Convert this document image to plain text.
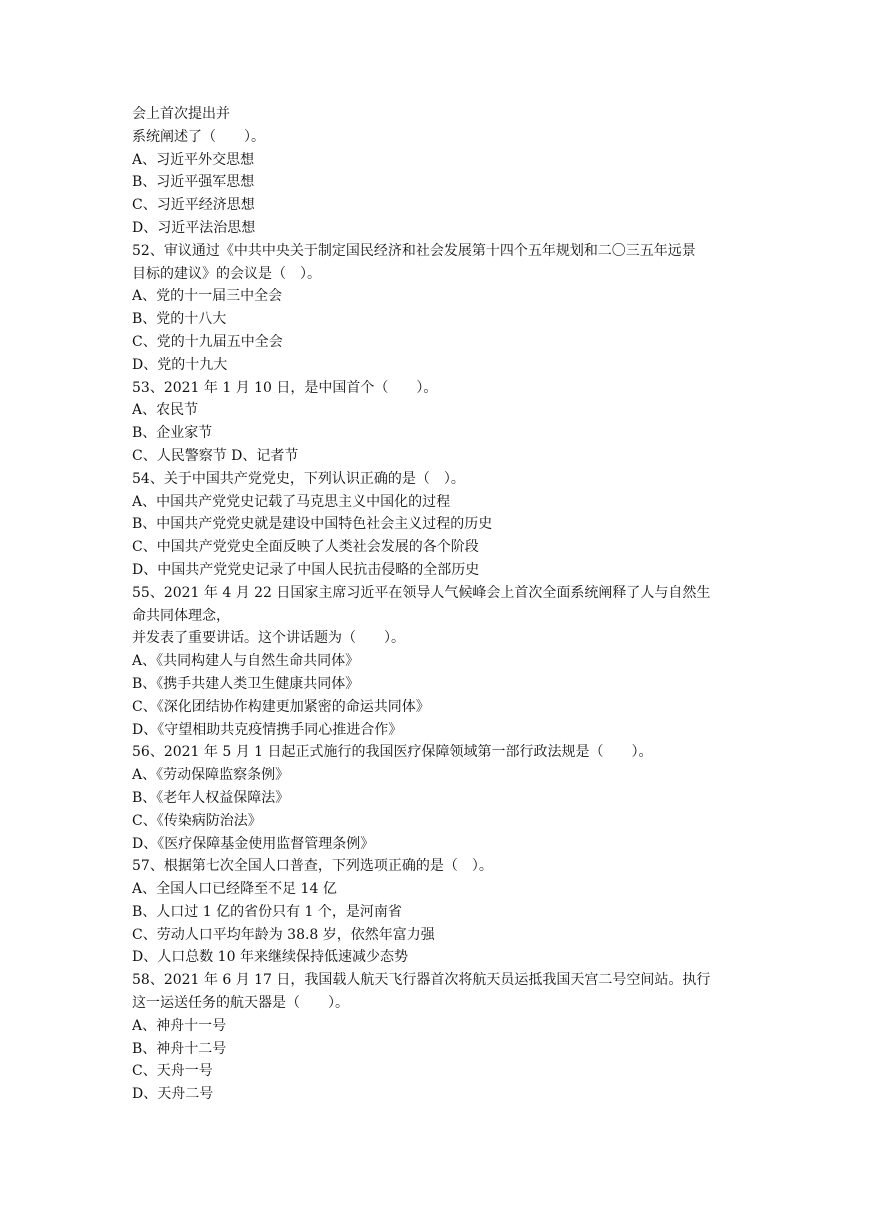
会上首次提出并
系统阐述了（　　）。
A、习近平外交思想
B、习近平强军思想
C、习近平经济思想
D、习近平法治思想
52、审议通过《中共中央关于制定国民经济和社会发展第十四个五年规划和二〇三五年远景
目标的建议》的会议是（　）。
A、党的十一届三中全会
B、党的十八大
C、党的十九届五中全会
D、党的十九大
53、2021 年 1 月 10 日，是中国首个（　　）。
A、农民节
B、企业家节
C、人民警察节 D、记者节
54、关于中国共产党党史，下列认识正确的是（　）。
A、中国共产党党史记载了马克思主义中国化的过程
B、中国共产党党史就是建设中国特色社会主义过程的历史
C、中国共产党党史全面反映了人类社会发展的各个阶段
D、中国共产党党史记录了中国人民抗击侵略的全部历史
55、2021 年 4 月 22 日国家主席习近平在领导人气候峰会上首次全面系统阐释了人与自然生
命共同体理念，
并发表了重要讲话。这个讲话题为（　　）。
A、《共同构建人与自然生命共同体》
B、《携手共建人类卫生健康共同体》
C、《深化团结协作构建更加紧密的命运共同体》
D、《守望相助共克疫情携手同心推进合作》
56、2021 年 5 月 1 日起正式施行的我国医疗保障领域第一部行政法规是（　　）。
A、《劳动保障监察条例》
B、《老年人权益保障法》
C、《传染病防治法》
D、《医疗保障基金使用监督管理条例》
57、根据第七次全国人口普查，下列选项正确的是（　）。
A、全国人口已经降至不足 14 亿
B、人口过 1 亿的省份只有 1 个，是河南省
C、劳动人口平均年龄为 38.8 岁，依然年富力强
D、人口总数 10 年来继续保持低速减少态势
58、2021 年 6 月 17 日，我国载人航天飞行器首次将航天员运抵我国天宫二号空间站。执行
这一运送任务的航天器是（　　）。
A、神舟十一号
B、神舟十二号
C、天舟一号
D、天舟二号
